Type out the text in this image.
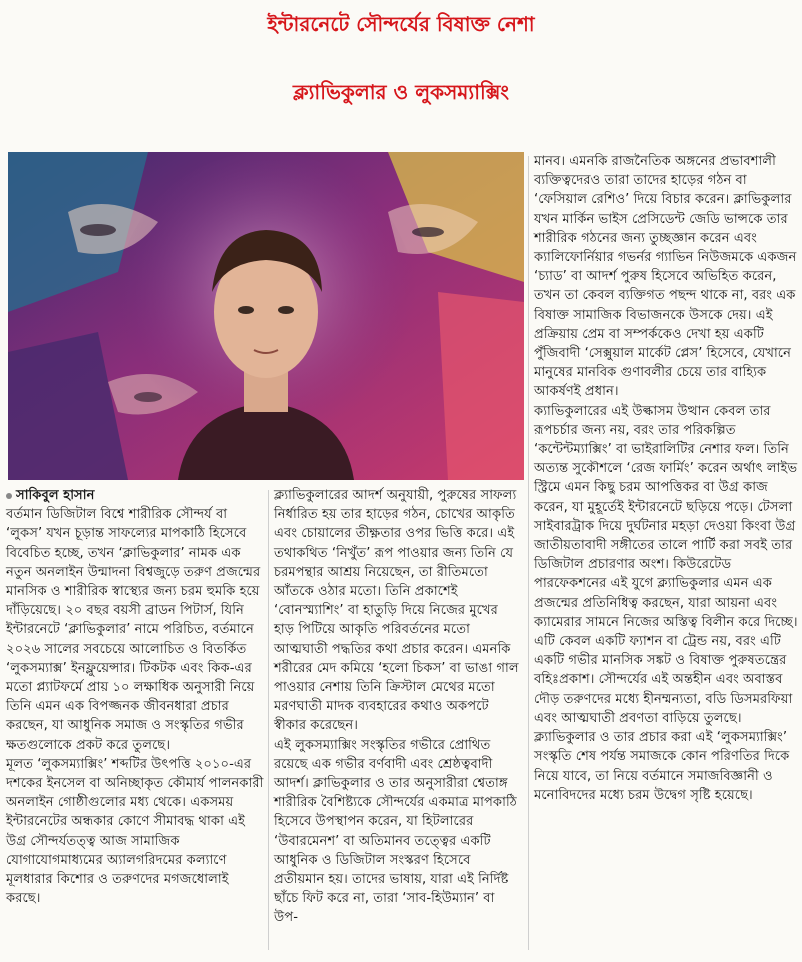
ইন্টারনেটে সৌন্দর্যের বিষাক্ত নেশা
ক্ল্যাভিকুলার ও লুকসম্যাক্সিং
সাকিবুল হাসান

বর্তমান ডিজিটাল বিশ্বে শারীরিক সৌন্দর্য বা ‘লুকস’ যখন চূড়ান্ত সাফল্যের মাপকাঠি হিসেবে বিবেচিত হচ্ছে, তখন ‘ক্লাভিকুলার’ নামক এক নতুন অনলাইন উন্মাদনা বিশ্বজুড়ে তরুণ প্রজন্মের মানসিক ও শারীরিক স্বাস্থ্যের জন্য চরম হুমকি হয়ে দাঁড়িয়েছে। ২০ বছর বয়সী ব্রাডন পিটার্স, যিনি ইন্টারনেটে ‘ক্লাভিকুলার’ নামে পরিচিত, বর্তমানে ২০২৬ সালের সবচেয়ে আলোচিত ও বিতর্কিত ‘লুকসম্যাক্স’ ইনফ্লুয়েন্সার। টিকটক এবং কিক-এর মতো প্ল্যাটফর্মে প্রায় ১০ লক্ষাধিক অনুসারী নিয়ে তিনি এমন এক বিপজ্জনক জীবনধারা প্রচার করছেন, যা আধুনিক সমাজ ও সংস্কৃতির গভীর ক্ষতগুলোকে প্রকট করে তুলছে।

মূলত ‘লুকসম্যাক্সিং’ শব্দটির উৎপত্তি ২০১০-এর দশকের ইনসেল বা অনিচ্ছাকৃত কৌমার্য পালনকারী অনলাইন গোষ্ঠীগুলোর মধ্য থেকে। একসময় ইন্টারনেটের অন্ধকার কোণে সীমাবদ্ধ থাকা এই উগ্র সৌন্দর্যতত্ত্ব আজ সামাজিক যোগাযোগমাধ্যমের অ্যালগরিদমের কল্যাণে মূলধারার কিশোর ও তরুণদের মগজধোলাই করছে।

ক্ল্যাভিকুলারের আদর্শ অনুযায়ী, পুরুষের সাফল্য নির্ধারিত হয় তার হাড়ের গঠন, চোখের আকৃতি এবং চোয়ালের তীক্ষ্ণতার ওপর ভিত্তি করে। এই তথাকথিত ‘নিখুঁত’ রূপ পাওয়ার জন্য তিনি যে চরমপন্থার আশ্রয় নিয়েছেন, তা রীতিমতো আঁতকে ওঠার মতো। তিনি প্রকাশেই ‘বোনস্ম্যাশিং’ বা হাতুড়ি দিয়ে নিজের মুখের হাড় পিটিয়ে আকৃতি পরিবর্তনের মতো আত্মঘাতী পদ্ধতির কথা প্রচার করেন। এমনকি শরীরের মেদ কমিয়ে ‘হলো চিকস’ বা ভাঙা গাল পাওয়ার নেশায় তিনি ক্রিস্টাল মেথের মতো মরণঘাতী মাদক ব্যবহারের কথাও অকপটে স্বীকার করেছেন।

এই লুকসম্যাক্সিং সংস্কৃতির গভীরে প্রোথিত রয়েছে এক গভীর বর্ণবাদী এবং শ্রেষ্ঠত্ববাদী আদর্শ। ক্লাভিকুলার ও তার অনুসারীরা শ্বেতাঙ্গ শারীরিক বৈশিষ্ট্যকে সৌন্দর্যের একমাত্র মাপকাঠি হিসেবে উপস্থাপন করেন, যা হিটলারের ‘উবারমেনশ’ বা অতিমানব তত্ত্বের একটি আধুনিক ও ডিজিটাল সংস্করণ হিসেবে প্রতীয়মান হয়। তাদের ভাষায়, যারা এই নির্দিষ্ট ছাঁচে ফিট করে না, তারা ‘সাব-হিউম্যান’ বা উপ-

মানব। এমনকি রাজনৈতিক অঙ্গনের প্রভাবশালী ব্যক্তিত্বদেরও তারা তাদের হাড়ের গঠন বা ‘ফেসিয়াল রেশিও’ দিয়ে বিচার করেন। ক্লাভিকুলার যখন মার্কিন ভাইস প্রেসিডেন্ট জেডি ভান্সকে তার শারীরিক গঠনের জন্য তুচ্ছজ্ঞান করেন এবং ক্যালিফোর্নিয়ার গভর্নর গ্যাভিন নিউজমকে একজন ‘চ্যাড’ বা আদর্শ পুরুষ হিসেবে অভিহিত করেন, তখন তা কেবল ব্যক্তিগত পছন্দ থাকে না, বরং এক বিষাক্ত সামাজিক বিভাজনকে উসকে দেয়। এই প্রক্রিয়ায় প্রেম বা সম্পর্ককেও দেখা হয় একটি পুঁজিবাদী ‘সেক্সুয়াল মার্কেট প্লেস’ হিসেবে, যেখানে মানুষের মানবিক গুণাবলীর চেয়ে তার বাহ্যিক আকর্ষণই প্রধান।

ক্যাভিকুলারের এই উল্কাসম উত্থান কেবল তার রূপচর্চার জন্য নয়, বরং তার পরিকল্পিত ‘কন্টেন্টম্যাক্সিং’ বা ভাইরালিটির নেশার ফল। তিনি অত্যন্ত সুকৌশলে ‘রেজ ফার্মিং’ করেন অর্থাৎ লাইভ স্ট্রিমে এমন কিছু চরম আপত্তিকর বা উগ্র কাজ করেন, যা মুহূর্তেই ইন্টারনেটে ছড়িয়ে পড়ে। টেসলা সাইবারট্রাক দিয়ে দুর্ঘটনার মহড়া দেওয়া কিংবা উগ্র জাতীয়তাবাদী সঙ্গীতের তালে পার্টি করা সবই তার ডিজিটাল প্রচারণার অংশ। কিউরেটেড পারফেকশনের এই যুগে ক্ল্যাভিকুলার এমন এক প্রজন্মের প্রতিনিধিত্ব করছেন, যারা আয়না এবং ক্যামেরার সামনে নিজের অস্তিত্ব বিলীন করে দিচ্ছে। এটি কেবল একটি ফ্যাশন বা ট্রেন্ড নয়, বরং এটি একটি গভীর মানসিক সঙ্কট ও বিষাক্ত পুরুষতন্ত্রের বহিঃপ্রকাশ। সৌন্দর্যের এই অন্তহীন এবং অবাস্তব দৌড় তরুণদের মধ্যে হীনম্মন্যতা, বডি ডিসমরফিয়া এবং আত্মঘাতী প্রবণতা বাড়িয়ে তুলছে। ক্ল্যাভিকুলার ও তার প্রচার করা এই ‘লুকসম্যাক্সিং’ সংস্কৃতি শেষ পর্যন্ত সমাজকে কোন পরিণতির দিকে নিয়ে যাবে, তা নিয়ে বর্তমানে সমাজবিজ্ঞানী ও মনোবিদদের মধ্যে চরম উদ্বেগ সৃষ্টি হয়েছে।
